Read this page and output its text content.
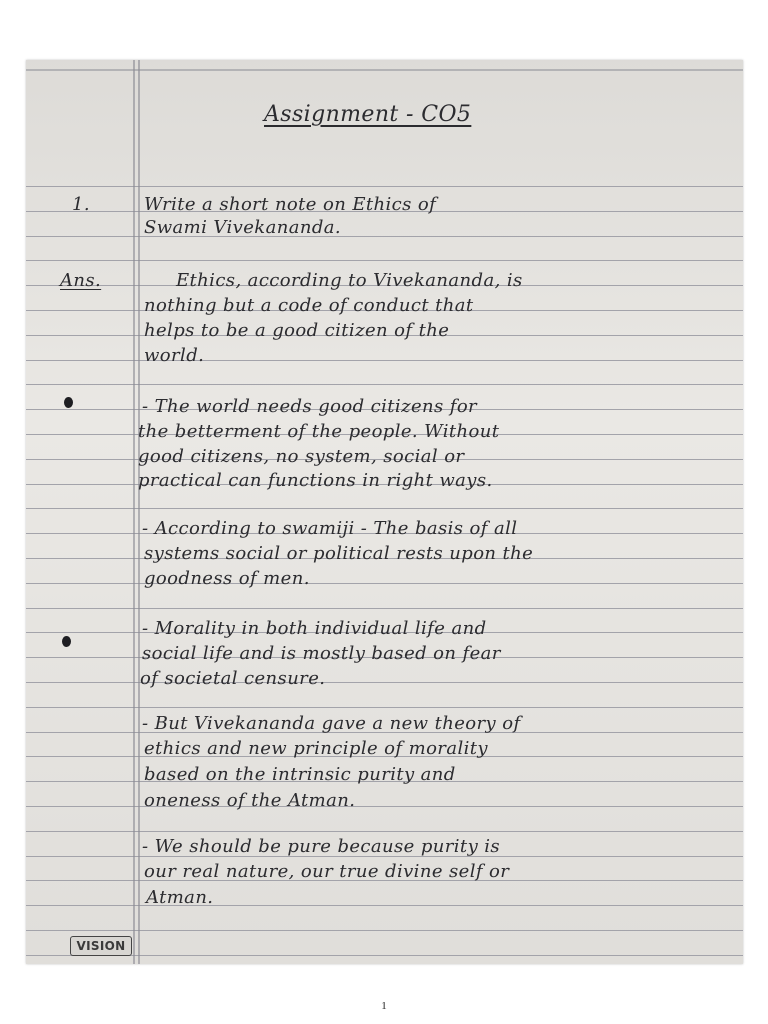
Assignment - CO5
1.	Write a short note on Ethics of
Swami Vivekananda.
Ans.	Ethics, according to Vivekananda, is
nothing but a code of conduct that
helps to be a good citizen of the
world.
- The world needs good citizens for
the betterment of the people. Without
good citizens, no system, social or
practical can functions in right ways.
- According to swamiji - The basis of all
systems social or political rests upon the
goodness of men.
- Morality in both individual life and
social life and is mostly based on fear
of societal censure.
- But Vivekananda gave a new theory of
ethics and new principle of morality
based on the intrinsic purity and
oneness of the Atman.
- We should be pure because purity is
our real nature, our true divine self or
Atman.
VISION
1
